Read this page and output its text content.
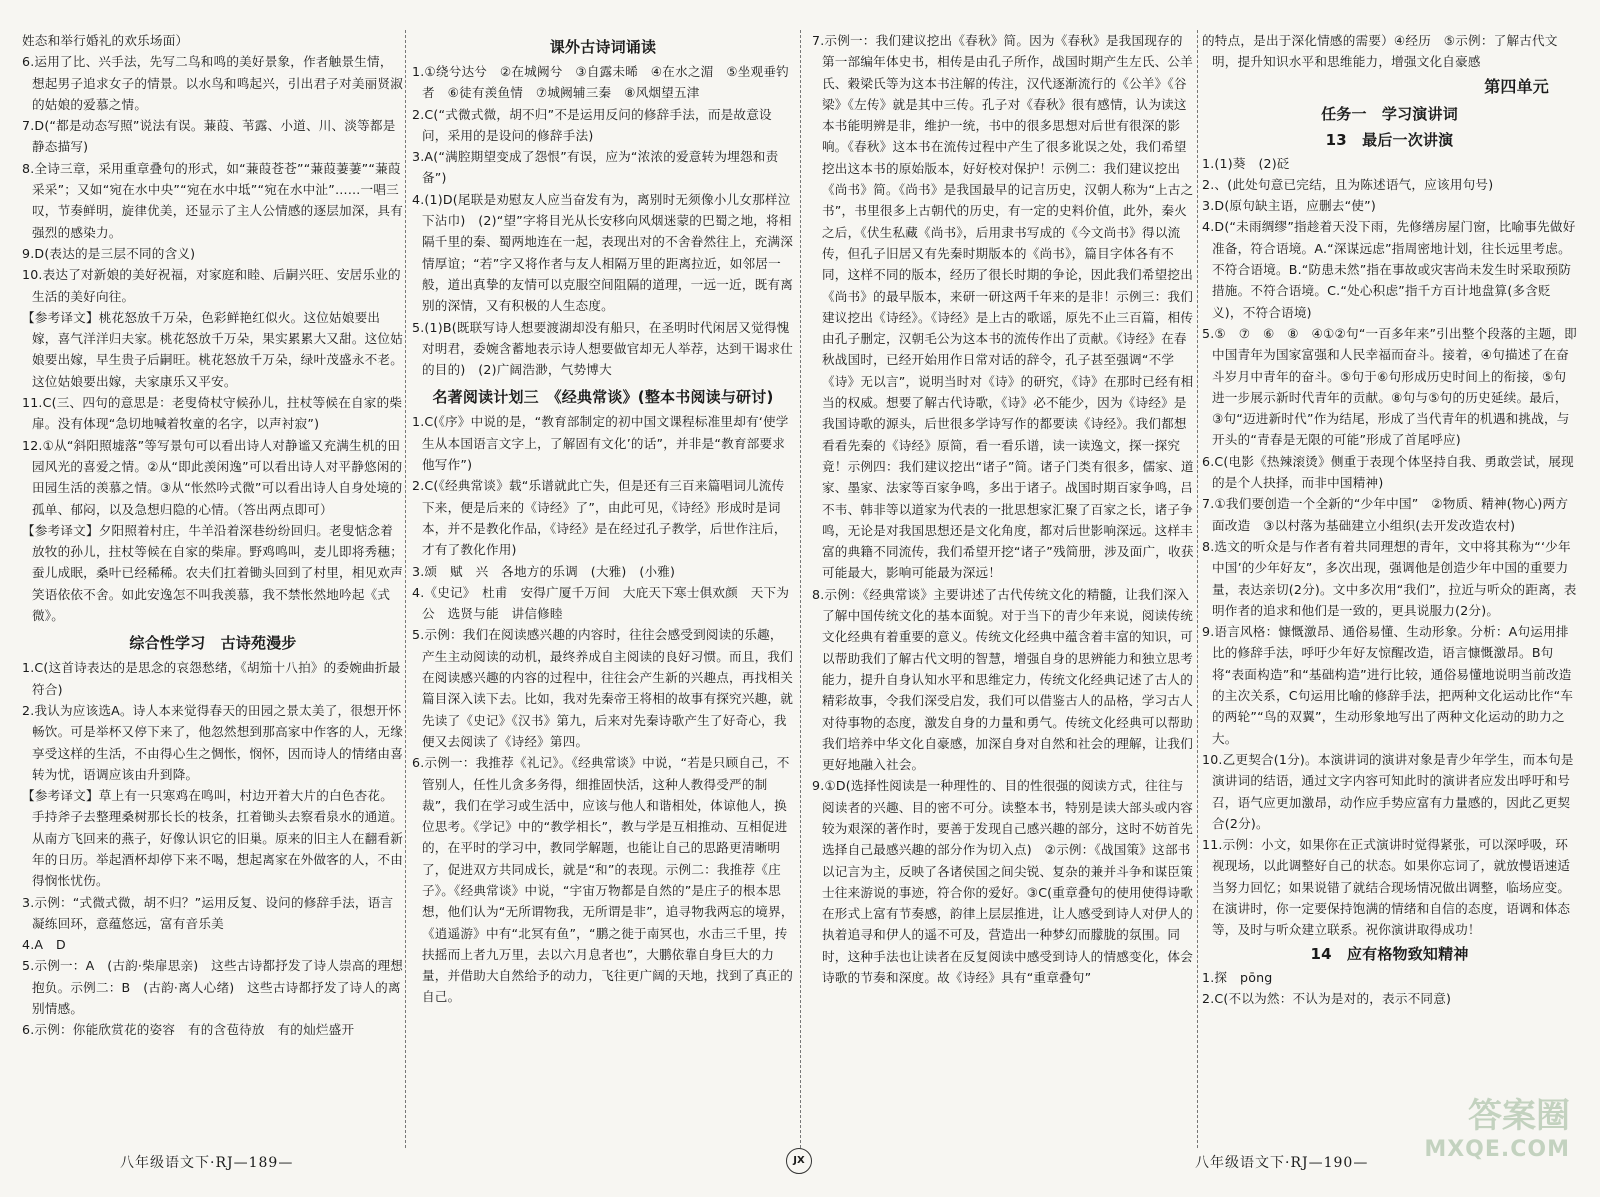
姓态和举行婚礼的欢乐场面）
6.运用了比、兴手法，先写二鸟和鸣的美好景象，作者触景生情，想起男子追求女子的情景。以水鸟和鸣起兴，引出君子对美丽贤淑的姑娘的爱慕之情。
7.D(“都是动态写照”说法有误。蒹葭、苇露、小道、川、淡等都是静态描写)
8.全诗三章，采用重章叠句的形式，如“蒹葭苍苍”“蒹葭萋萋”“蒹葭采采”；又如“宛在水中央”“宛在水中坻”“宛在水中沚”……一唱三叹，节奏鲜明，旋律优美，还显示了主人公情感的逐层加深，具有强烈的感染力。
9.D(表达的是三层不同的含义)
10.表达了对新娘的美好祝福，对家庭和睦、后嗣兴旺、安居乐业的生活的美好向往。
【参考译文】桃花怒放千万朵，色彩鲜艳红似火。这位姑娘要出嫁，喜气洋洋归夫家。桃花怒放千万朵，果实累累大又甜。这位姑娘要出嫁，早生贵子后嗣旺。桃花怒放千万朵，绿叶茂盛永不老。这位姑娘要出嫁，夫家康乐又平安。
11.C(三、四句的意思是：老叟倚杖守候孙儿，拄杖等候在自家的柴扉。没有体现“急切地喊着牧童的名字，以声衬寂”)
12.①从“斜阳照墟落”等写景句可以看出诗人对静谧又充满生机的田园风光的喜爱之情。②从“即此羡闲逸”可以看出诗人对平静悠闲的田园生活的羡慕之情。③从“怅然吟式微”可以看出诗人自身处境的孤单、郁闷，以及急想归隐的心情。（答出两点即可）
【参考译文】夕阳照着村庄，牛羊沿着深巷纷纷回归。老叟惦念着放牧的孙儿，拄杖等候在自家的柴扉。野鸡鸣叫，麦儿即将秀穗；蚕儿成眠，桑叶已经稀稀。农夫们扛着锄头回到了村里，相见欢声笑语依依不舍。如此安逸怎不叫我羡慕，我不禁怅然地吟起《式微》。
综合性学习　古诗苑漫步
1.C(这首诗表达的是思念的哀怨愁绪，《胡笳十八拍》的委婉曲折最符合)
2.我认为应该选A。诗人本来觉得春天的田园之景太美了，很想开怀畅饮。可是举杯又停下来了，他忽然想到那高家中作客的人，无缘享受这样的生活，不由得心生之惆怅，悯怀，因而诗人的情绪由喜转为忧，语调应该由升到降。
【参考译文】草上有一只寒鸡在鸣叫，村边开着大片的白色杏花。手持斧子去整理桑树那长长的枝条，扛着锄头去察看泉水的通道。从南方飞回来的燕子，好像认识它的旧巢。原来的旧主人在翻看新年的日历。举起酒杯却停下来不喝，想起离家在外做客的人，不由得悯怅忧伤。
3.示例：“式微式微，胡不归？”运用反复、设问的修辞手法，语言凝练回环，意蕴悠远，富有音乐美
4.A　D
5.示例一：A　(古韵·柴扉思亲)　这些古诗都抒发了诗人崇高的理想抱负。示例二：B　(古韵·离人心绪)　这些古诗都抒发了诗人的离别情感。
6.示例：你能欣赏花的姿容　有的含苞待放　有的灿烂盛开
课外古诗词诵读
1.①绕兮达兮　②在城阙兮　③自露未晞　④在水之湄　⑤坐观垂钓者　⑥徒有羡鱼情　⑦城阙辅三秦　⑧风烟望五津
2.C(“式微式微，胡不归”不是运用反问的修辞手法，而是故意设问，采用的是设问的修辞手法)
3.A(“满腔期望变成了怨恨”有误，应为“浓浓的爱意转为埋怨和责备”)
4.(1)D(尾联是劝慰友人应当奋发有为，离别时无须像小儿女那样泣下沾巾)　(2)“望”字将目光从长安移向风烟迷蒙的巴蜀之地，将相隔千里的秦、蜀两地连在一起，表现出对的不舍眷然往上，充满深情厚谊；“若”字又将作者与友人相隔万里的距离拉近，如邻居一般，道出真挚的友情可以克服空间阻隔的道理，一远一近，既有离别的深情，又有积极的人生态度。
5.(1)B(既联写诗人想要渡湖却没有船只，在圣明时代闲居又觉得愧对明君，委婉含蓄地表示诗人想要做官却无人举荐，达到干谒求仕的目的)　(2)广阔浩渺，气势博大
名著阅读计划三　《经典常谈》(整本书阅读与研讨)
1.C(《序》中说的是，“教育部制定的初中国文课程标准里却有‘使学生从本国语言文字上，了解固有文化’的话”，并非是“教育部要求他写作”)
2.C(《经典常谈》载“乐谱就此亡失，但是还有三百来篇唱词儿流传下来，便是后来的《诗经》了”，由此可见，《诗经》形成时是词本，并不是教化作品，《诗经》是在经过孔子教学，后世作注后，才有了教化作用)
3.颂　赋　兴　各地方的乐调　(大雅)　(小雅)
4.《史记》　杜甫　安得广厦千万间　大庇天下寒士俱欢颜　天下为公　选贤与能　讲信修睦
5.示例：我们在阅读感兴趣的内容时，往往会感受到阅读的乐趣，产生主动阅读的动机，最终养成自主阅读的良好习惯。而且，我们在阅读感兴趣的内容的过程中，往往会产生新的兴趣点，再找相关篇目深入读下去。比如，我对先秦帝王将相的故事有探究兴趣，就先读了《史记》《汉书》第九，后来对先秦诗歌产生了好奇心，我便又去阅读了《诗经》第四。
6.示例一：我推荐《礼记》。《经典常谈》中说，“若是只顾自己，不管别人，任性儿贪多务得，细推固快活，这种人教得受严的制裁”，我们在学习或生活中，应该与他人和谐相处，体谅他人，换位思考。《学记》中的“教学相长”，教与学是互相推动、互相促进的，在平时的学习中，教同学解题，也能让自己的思路更清晰明了，促进双方共同成长，就是“和”的表现。示例二：我推荐《庄子》。《经典常谈》中说，“宇宙万物都是自然的”是庄子的根本思想，他们认为“无所谓物我，无所谓是非”，追寻物我两忘的境界，《逍遥游》中有“北冥有鱼”，“鹏之徙于南冥也，水击三千里，抟扶摇而上者九万里，去以六月息者也”，大鹏依靠自身巨大的力量，并借助大自然给予的动力，飞往更广阔的天地，找到了真正的自己。
7.示例一：我们建议挖出《春秋》简。因为《春秋》是我国现存的第一部编年体史书，相传是由孔子所作，战国时期产生左氏、公羊氏、穀梁氏等为这本书注解的传注，汉代逐渐流行的《公羊》《谷梁》《左传》就是其中三传。孔子对《春秋》很有感情，认为读这本书能明辨是非，维护一统，书中的很多思想对后世有很深的影响。《春秋》这本书在流传过程中产生了很多讹误之处，我们希望挖出这本书的原始版本，好好校对保护！示例二：我们建议挖出《尚书》简。《尚书》是我国最早的记言历史，汉朝人称为“上古之书”，书里很多上古朝代的历史，有一定的史料价值，此外，秦火之后，《伏生私藏《尚书》，后用隶书写成的《今文尚书》得以流传，但孔子旧居又有先秦时期版本的《尚书》，篇目字体各有不同，这样不同的版本，经历了很长时期的争论，因此我们希望挖出《尚书》的最早版本，来研一研这两千年来的是非！示例三：我们建议挖出《诗经》。《诗经》是上古的歌谣，原先不止三百篇，相传由孔子删定，汉朝毛公为这本书的流传作出了贡献。《诗经》在春秋战国时，已经开始用作日常对话的辞令，孔子甚至强调“不学《诗》无以言”，说明当时对《诗》的研究，《诗》在那时已经有相当的权威。想要了解古代诗歌，《诗》必不能少，因为《诗经》是我国诗歌的源头，后世很多学诗写作的都要读《诗经》。我们都想看看先秦的《诗经》原简，看一看乐谱，读一读逸文，探一探究竟！示例四：我们建议挖出“诸子”简。诸子门类有很多，儒家、道家、墨家、法家等百家争鸣，多出于诸子。战国时期百家争鸣，吕不韦、韩非等以道家为代表的一批思想家汇聚了百家之长，诸子争鸣，无论是对我国思想还是文化角度，都对后世影响深远。这样丰富的典籍不同流传，我们希望开挖“诸子”残简册，涉及面广，收获可能最大，影响可能最为深远！
8.示例：《经典常谈》主要讲述了古代传统文化的精髓，让我们深入了解中国传统文化的基本面貌。对于当下的青少年来说，阅读传统文化经典有着重要的意义。传统文化经典中蕴含着丰富的知识，可以帮助我们了解古代文明的智慧，增强自身的思辨能力和独立思考能力，提升自身认知水平和思维定力，传统文化经典记述了古人的精彩故事，令我们深受启发，我们可以借鉴古人的品格，学习古人对待事物的态度，激发自身的力量和勇气。传统文化经典可以帮助我们培养中华文化自豪感，加深自身对自然和社会的理解，让我们更好地融入社会。
9.①D(选择性阅读是一种理性的、目的性很强的阅读方式，往往与阅读者的兴趣、目的密不可分。读整本书，特别是读大部头或内容较为艰深的著作时，要善于发现自己感兴趣的部分，这时不妨首先选择自己最感兴趣的部分作为切入点)　②示例：《战国策》这部书以记言为主，反映了各诸侯国之间尖锐、复杂的兼并斗争和谋臣策士往来游说的事迹，符合你的爱好。③C(重章叠句的使用使得诗歌在形式上富有节奏感，韵律上层层推进，让人感受到诗人对伊人的执着追寻和伊人的遥不可及，营造出一种梦幻而朦胧的氛围。同时，这种手法也让读者在反复阅读中感受到诗人的情感变化，体会诗歌的节奏和深度。故《诗经》具有“重章叠句”
的特点，是出于深化情感的需要）④经历　⑤示例：了解古代文明，提升知识水平和思维能力，增强文化自豪感
第四单元
任务一　学习演讲词
13　最后一次讲演
1.(1)葵　(2)砭
2.、(此处句意已完结，且为陈述语气，应该用句号)
3.D(原句缺主语，应删去“使”)
4.D(“未雨绸缪”指趁着天没下雨，先修缮房屋门窗，比喻事先做好准备，符合语境。A.“深谋远虑”指周密地计划，往长远里考虑。不符合语境。B.“防患未然”指在事故或灾害尚未发生时采取预防措施。不符合语境。C.“处心积虑”指千方百计地盘算(多含贬义)，不符合语境)
5.⑤　⑦　⑥　⑧　④①②句“一百多年来”引出整个段落的主题，即中国青年为国家富强和人民幸福而奋斗。接着，④句描述了在奋斗岁月中青年的奋斗。⑤句于⑥句形成历史时间上的衔接，⑤句进一步展示新时代青年的贡献。⑧句与⑤句的历史延续。最后，③句“迈进新时代”作为结尾，形成了当代青年的机遇和挑战，与开头的“青春是无限的可能”形成了首尾呼应)
6.C(电影《热辣滚烫》侧重于表现个体坚持自我、勇敢尝试，展现的是个人抉择，而非中国精神)
7.①我们要创造一个全新的“少年中国”　②物质、精神(物心)两方面改造　③以村落为基础建立小组织(去开发改造农村)
8.选文的听众是与作者有着共同理想的青年，文中将其称为“‘少年中国’的少年好友”，多次出现，强调他是创造少年中国的重要力量，表达亲切(2分)。文中多次用“我们”，拉近与听众的距离，表明作者的追求和他们是一致的，更具说服力(2分)。
9.语言风格：慷慨激昂、通俗易懂、生动形象。分析：A句运用排比的修辞手法，呼吁少年好友惊醒改造，语言慷慨激昂。B句将“表面构造”和“基础构造”进行比较，通俗易懂地说明当前改造的主次关系，C句运用比喻的修辞手法，把两种文化运动比作“车的两轮”“鸟的双翼”，生动形象地写出了两种文化运动的助力之大。
10.乙更契合(1分)。本演讲词的演讲对象是青少年学生，而本句是演讲词的结语，通过文字内容可知此时的演讲者应发出呼吁和号召，语气应更加激昂，动作应手势应富有力量感的，因此乙更契合(2分)。
11.示例：小文，如果你在正式演讲时觉得紧张，可以深呼吸，环视现场，以此调整好自己的状态。如果你忘词了，就放慢语速适当努力回忆；如果说错了就结合现场情况做出调整，临场应变。在演讲时，你一定要保持饱满的情绪和自信的态度，语调和体态等，及时与听众建立联系。祝你演讲取得成功！
14　应有格物致知精神
1.探　pōng
2.C(不以为然：不认为是对的，表示不同意)
八年级语文下·RJ—189—	JX	八年级语文下·RJ—190—
答案圈
MXQE.COM
